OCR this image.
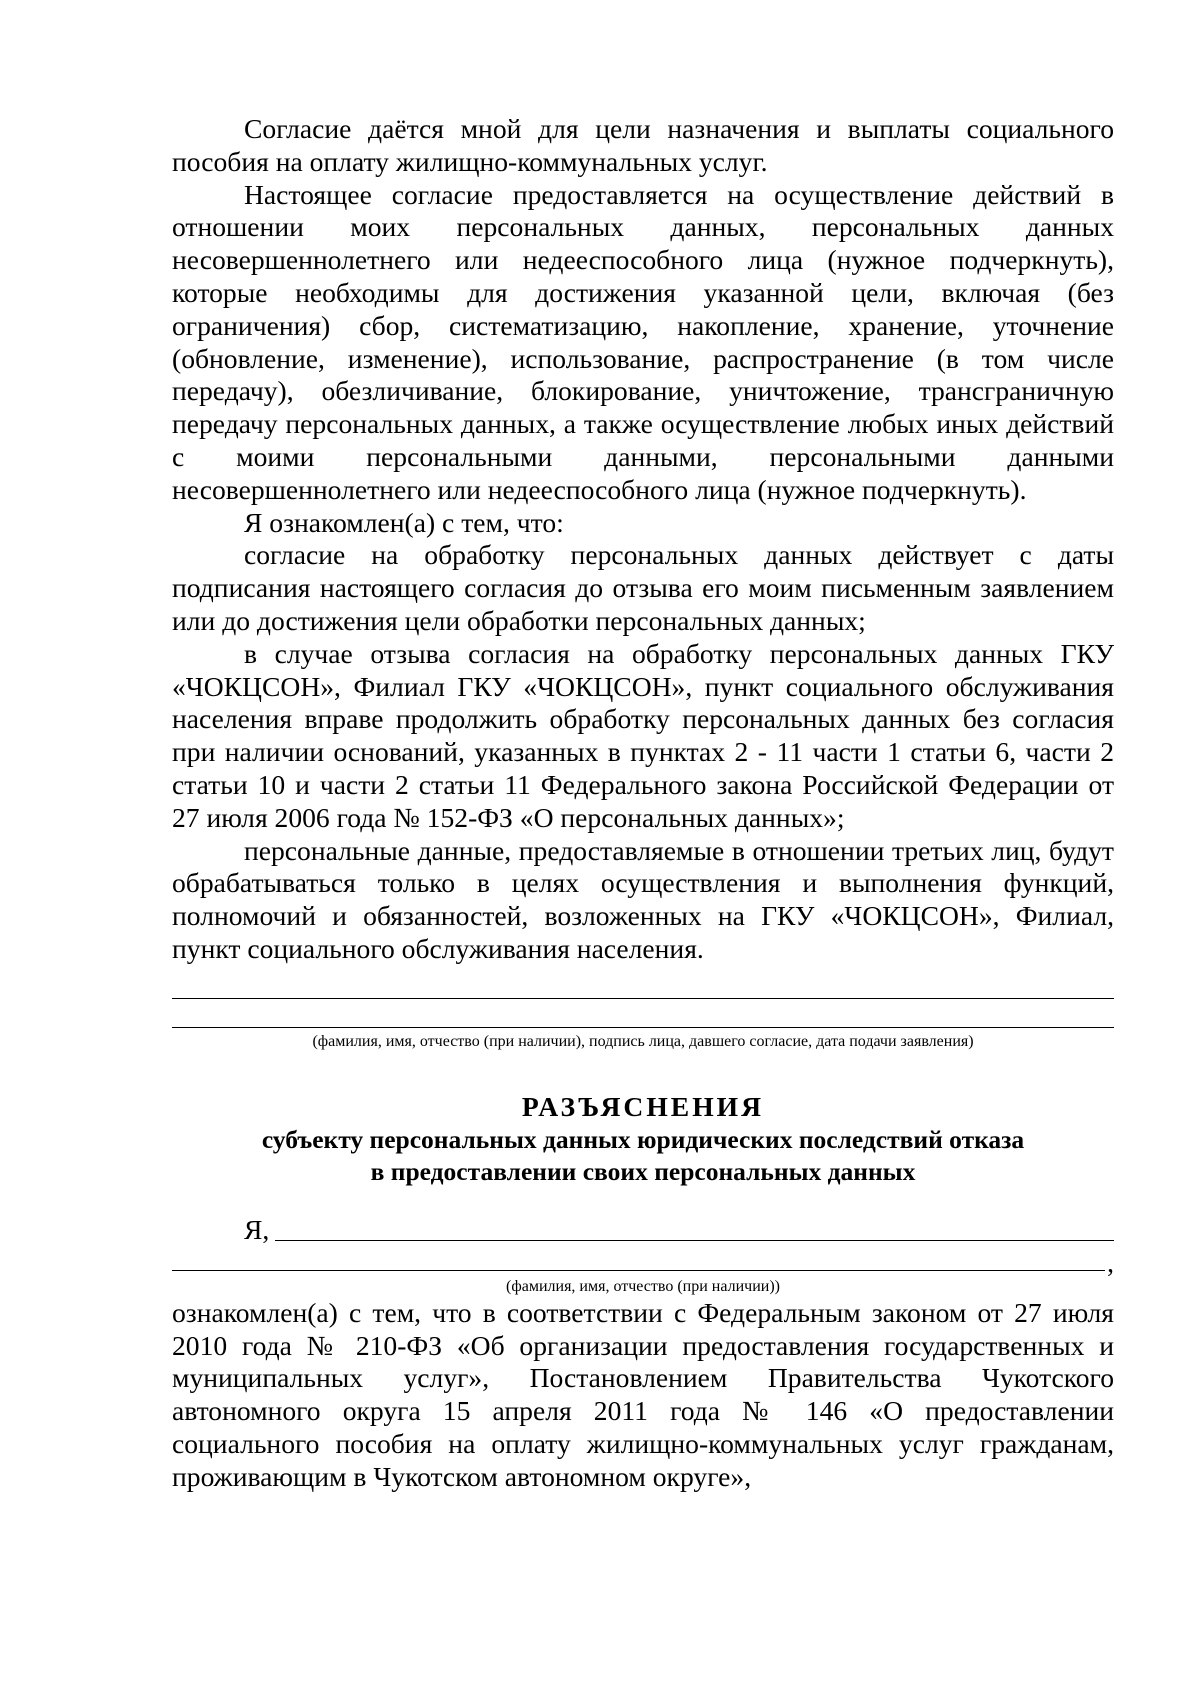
Согласие даётся мной для цели назначения и выплаты социального пособия на оплату жилищно-коммунальных услуг.

Настоящее согласие предоставляется на осуществление действий в отношении моих персональных данных, персональных данных несовершеннолетнего или недееспособного лица (нужное подчеркнуть), которые необходимы для достижения указанной цели, включая (без ограничения) сбор, систематизацию, накопление, хранение, уточнение (обновление, изменение), использование, распространение (в том числе передачу), обезличивание, блокирование, уничтожение, трансграничную передачу персональных данных, а также осуществление любых иных действий с моими персональными данными, персональными данными несовершеннолетнего или недееспособного лица (нужное подчеркнуть).

Я ознакомлен(а) с тем, что:

согласие на обработку персональных данных действует с даты подписания настоящего согласия до отзыва его моим письменным заявлением или до достижения цели обработки персональных данных;

в случае отзыва согласия на обработку персональных данных ГКУ «ЧОКЦСОН», Филиал ГКУ «ЧОКЦСОН», пункт социального обслуживания населения вправе продолжить обработку персональных данных без согласия при наличии оснований, указанных в пунктах 2 - 11 части 1 статьи 6, части 2 статьи 10 и части 2 статьи 11 Федерального закона Российской Федерации от 27 июля 2006 года № 152-ФЗ «О персональных данных»;

персональные данные, предоставляемые в отношении третьих лиц, будут обрабатываться только в целях осуществления и выполнения функций, полномочий и обязанностей, возложенных на ГКУ «ЧОКЦСОН», Филиал, пункт социального обслуживания населения.

(фамилия, имя, отчество (при наличии), подпись лица, давшего согласие, дата подачи заявления)

РАЗЪЯСНЕНИЯ

субъекту персональных данных юридических последствий отказа

в предоставлении своих персональных данных

Я,
,

(фамилия, имя, отчество (при наличии))

ознакомлен(а) с тем, что в соответствии с Федеральным законом от 27 июля 2010 года № 210-ФЗ «Об организации предоставления государственных и муниципальных услуг», Постановлением Правительства Чукотского автономного округа 15 апреля 2011 года № 146 «О предоставлении социального пособия на оплату жилищно-коммунальных услуг гражданам, проживающим в Чукотском автономном округе»,
